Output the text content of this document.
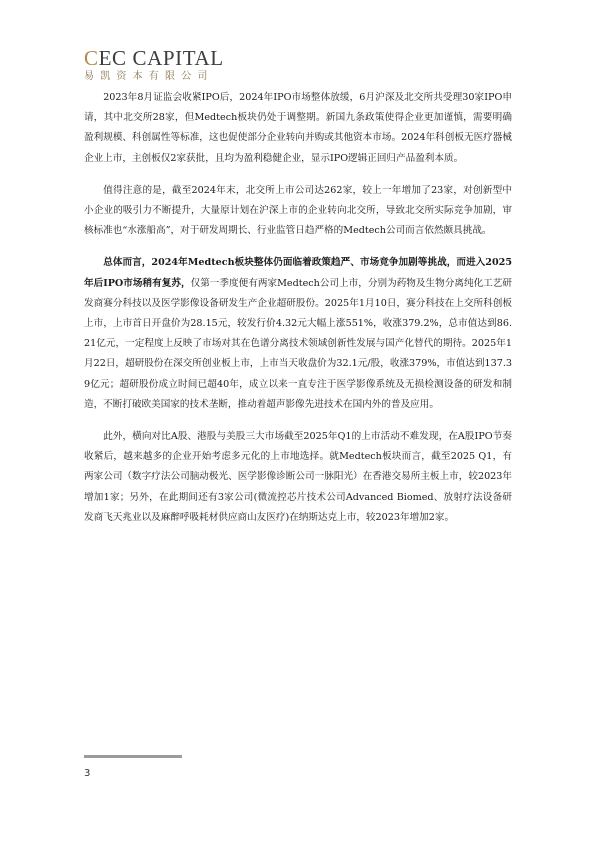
CEC CAPITAL
易凯资本有限公司

2023年8月证监会收紧IPO后，2024年IPO市场整体放缓，6月沪深及北交所共受理30家IPO申请，其中北交所28家，但Medtech板块仍处于调整期。新国九条政策使得企业更加谨慎，需要明确盈利规模、科创属性等标准，这也促使部分企业转向并购或其他资本市场。2024年科创板无医疗器械企业上市，主创板仅2家获批，且均为盈利稳健企业，显示IPO逻辑正回归产品盈利本质。

值得注意的是，截至2024年末，北交所上市公司达262家，较上一年增加了23家，对创新型中小企业的吸引力不断提升，大量原计划在沪深上市的企业转向北交所，导致北交所实际竞争加剧，审核标准也“水涨船高”，对于研发周期长、行业监管日趋严格的Medtech公司而言依然颇具挑战。

总体而言，2024年Medtech板块整体仍面临着政策趋严、市场竞争加剧等挑战，而进入2025年后IPO市场稍有复苏，仅第一季度便有两家Medtech公司上市，分别为药物及生物分离纯化工艺研发商赛分科技以及医学影像设备研发生产企业超研股份。2025年1月10日，赛分科技在上交所科创板上市，上市首日开盘价为28.15元，较发行价4.32元大幅上涨551%，收涨379.2%，总市值达到86.21亿元，一定程度上反映了市场对其在色谱分离技术领域创新性发展与国产化替代的期待。2025年1月22日，超研股份在深交所创业板上市，上市当天收盘价为32.1元/股，收涨379%，市值达到137.39亿元；超研股份成立时间已超40年，成立以来一直专注于医学影像系统及无损检测设备的研发和制造，不断打破欧美国家的技术垄断，推动着超声影像先进技术在国内外的普及应用。

此外，横向对比A股、港股与美股三大市场截至2025年Q1的上市活动不难发现，在A股IPO节奏收紧后，越来越多的企业开始考虑多元化的上市地选择。就Medtech板块而言，截至2025 Q1，有两家公司（数字疗法公司脑动极光、医学影像诊断公司一脉阳光）在香港交易所主板上市，较2023年增加1家；另外，在此期间还有3家公司(微流控芯片技术公司Advanced Biomed、放射疗法设备研发商飞天兆业以及麻醉呼吸耗材供应商山友医疗)在纳斯达克上市，较2023年增加2家。

3
